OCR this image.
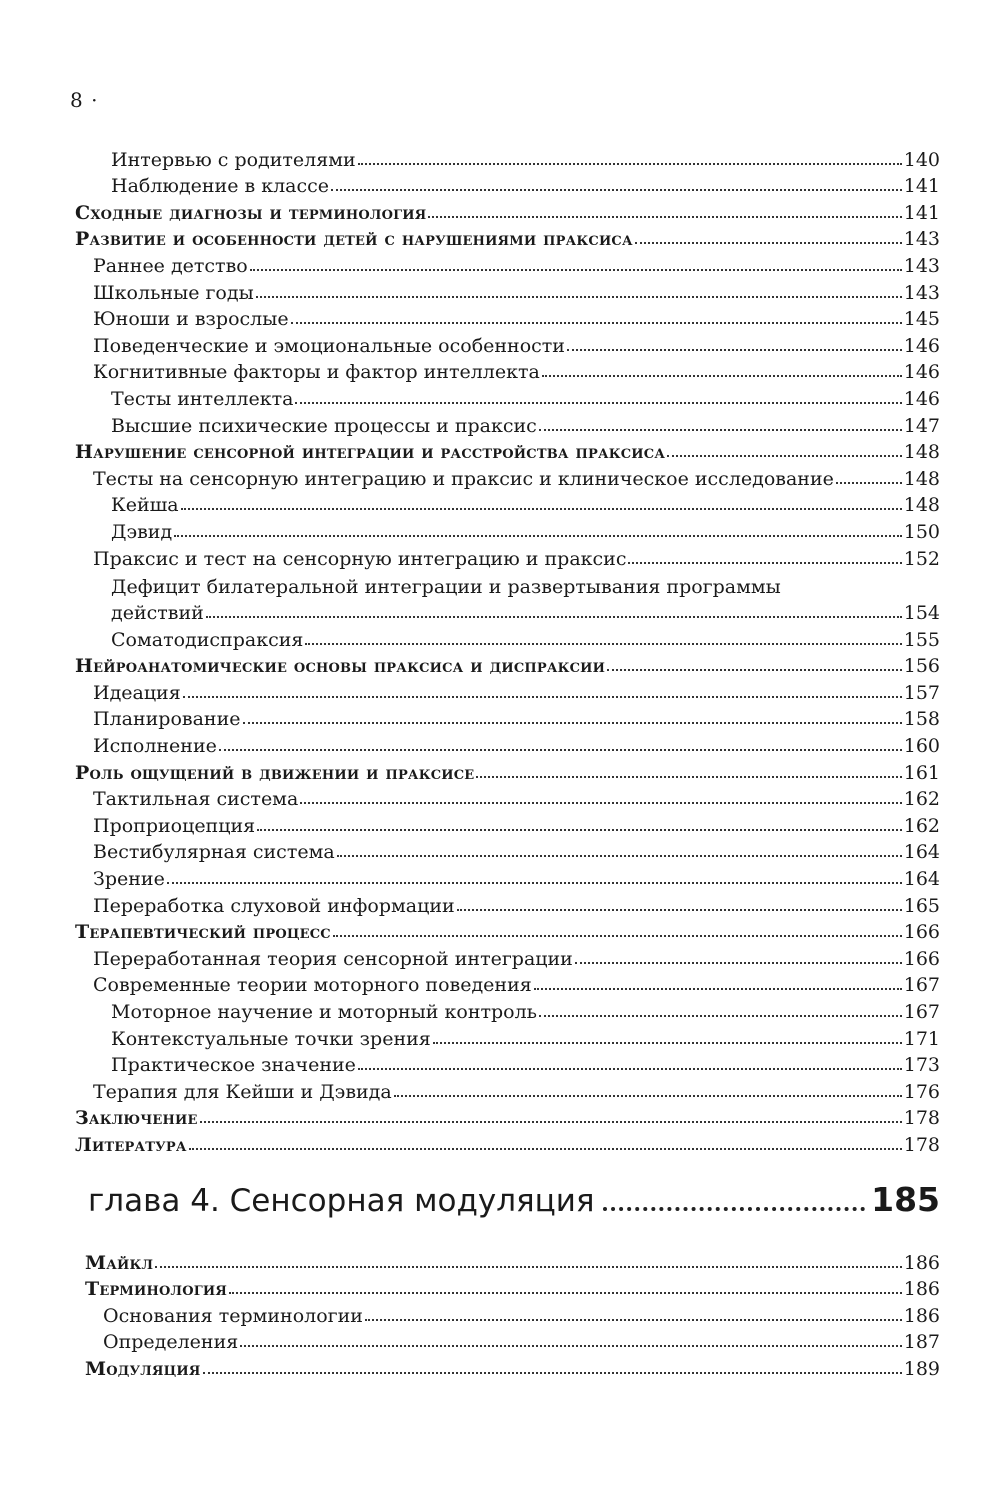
8 ·
Интервью с родителями	140
Наблюдение в классе	141
Сходные диагнозы и терминология	141
Развитие и особенности детей с нарушениями праксиса	143
Раннее детство	143
Школьные годы	143
Юноши и взрослые	145
Поведенческие и эмоциональные особенности	146
Когнитивные факторы и фактор интеллекта	146
Тесты интеллекта	146
Высшие психические процессы и праксис	147
Нарушение сенсорной интеграции и расстройства праксиса	148
Тесты на сенсорную интеграцию и праксис и клиническое исследование	148
Кейша	148
Дэвид	150
Праксис и тест на сенсорную интеграцию и праксис	152
Дефицит билатеральной интеграции и развертывания программы
действий	154
Соматодиспраксия	155
Нейроанатомические основы праксиса и диспраксии	156
Идеация	157
Планирование	158
Исполнение	160
Роль ощущений в движении и праксисе	161
Тактильная система	162
Проприоцепция	162
Вестибулярная система	164
Зрение	164
Переработка слуховой информации	165
Терапевтический процесс	166
Переработанная теория сенсорной интеграции	166
Современные теории моторного поведения	167
Моторное научение и моторный контроль	167
Контекстуальные точки зрения	171
Практическое значение	173
Терапия для Кейши и Дэвида	176
Заключение	178
Литература	178
глава 4. Сенсорная модуляция	185
Майкл	186
Терминология	186
Основания терминологии	186
Определения	187
Модуляция	189
